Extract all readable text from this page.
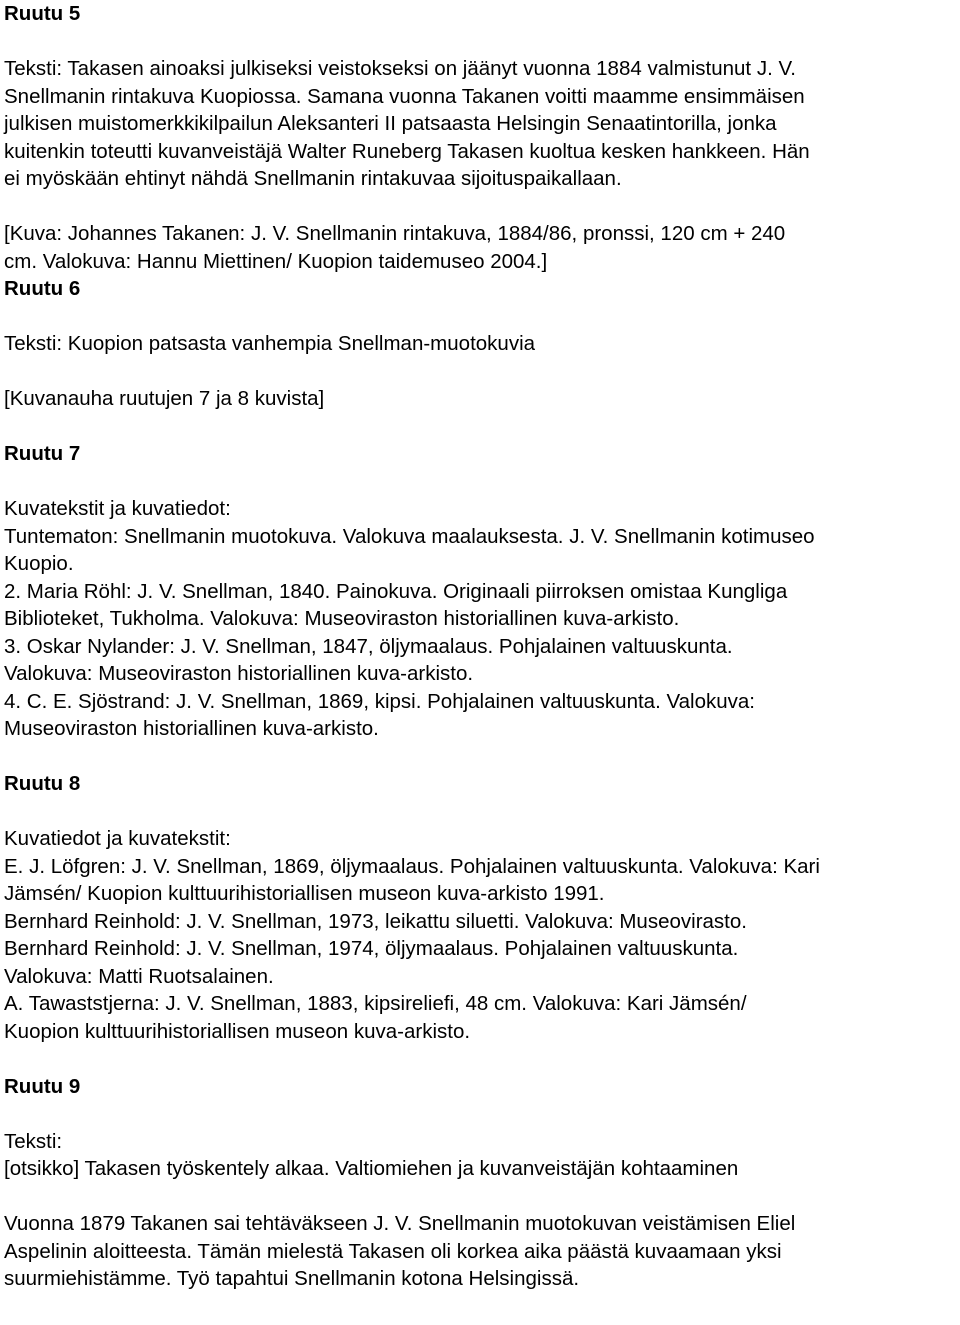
Ruutu 5

Teksti: Takasen ainoaksi julkiseksi veistokseksi on jäänyt vuonna 1884 valmistunut J. V.
Snellmanin rintakuva Kuopiossa. Samana vuonna Takanen voitti maamme ensimmäisen
julkisen muistomerkkikilpailun Aleksanteri II patsaasta Helsingin Senaatintorilla, jonka
kuitenkin toteutti kuvanveistäjä Walter Runeberg Takasen kuoltua kesken hankkeen. Hän
ei myöskään ehtinyt nähdä Snellmanin rintakuvaa sijoituspaikallaan.

[Kuva: Johannes Takanen: J. V. Snellmanin rintakuva, 1884/86, pronssi, 120 cm + 240
cm. Valokuva: Hannu Miettinen/ Kuopion taidemuseo 2004.]

Ruutu 6

Teksti: Kuopion patsasta vanhempia Snellman-muotokuvia

[Kuvanauha ruutujen 7 ja 8 kuvista]

Ruutu 7

Kuvatekstit ja kuvatiedot:

Tuntematon: Snellmanin muotokuva. Valokuva maalauksesta. J. V. Snellmanin kotimuseo
Kuopio.
2. Maria Röhl: J. V. Snellman, 1840. Painokuva. Originaali piirroksen omistaa Kungliga
Biblioteket, Tukholma. Valokuva: Museoviraston historiallinen kuva-arkisto.
3. Oskar Nylander: J. V. Snellman, 1847, öljymaalaus. Pohjalainen valtuuskunta.
Valokuva: Museoviraston historiallinen kuva-arkisto.
4. C. E. Sjöstrand: J. V. Snellman, 1869, kipsi. Pohjalainen valtuuskunta. Valokuva:
Museoviraston historiallinen kuva-arkisto.

Ruutu 8

Kuvatiedot ja kuvatekstit:

E. J. Löfgren: J. V. Snellman, 1869, öljymaalaus. Pohjalainen valtuuskunta. Valokuva: Kari
Jämsén/ Kuopion kulttuurihistoriallisen museon kuva-arkisto 1991.
Bernhard Reinhold: J. V. Snellman, 1973, leikattu siluetti. Valokuva: Museovirasto.
Bernhard Reinhold: J. V. Snellman, 1974, öljymaalaus. Pohjalainen valtuuskunta.
Valokuva: Matti Ruotsalainen.
A. Tawaststjerna: J. V. Snellman, 1883, kipsireliefi, 48 cm. Valokuva: Kari Jämsén/
Kuopion kulttuurihistoriallisen museon kuva-arkisto.

Ruutu 9

Teksti:

[otsikko] Takasen työskentely alkaa. Valtiomiehen ja kuvanveistäjän kohtaaminen

Vuonna 1879 Takanen sai tehtäväkseen J. V. Snellmanin muotokuvan veistämisen Eliel
Aspelinin aloitteesta. Tämän mielestä Takasen oli korkea aika päästä kuvaamaan yksi
suurmiehistämme. Työ tapahtui Snellmanin kotona Helsingissä.
